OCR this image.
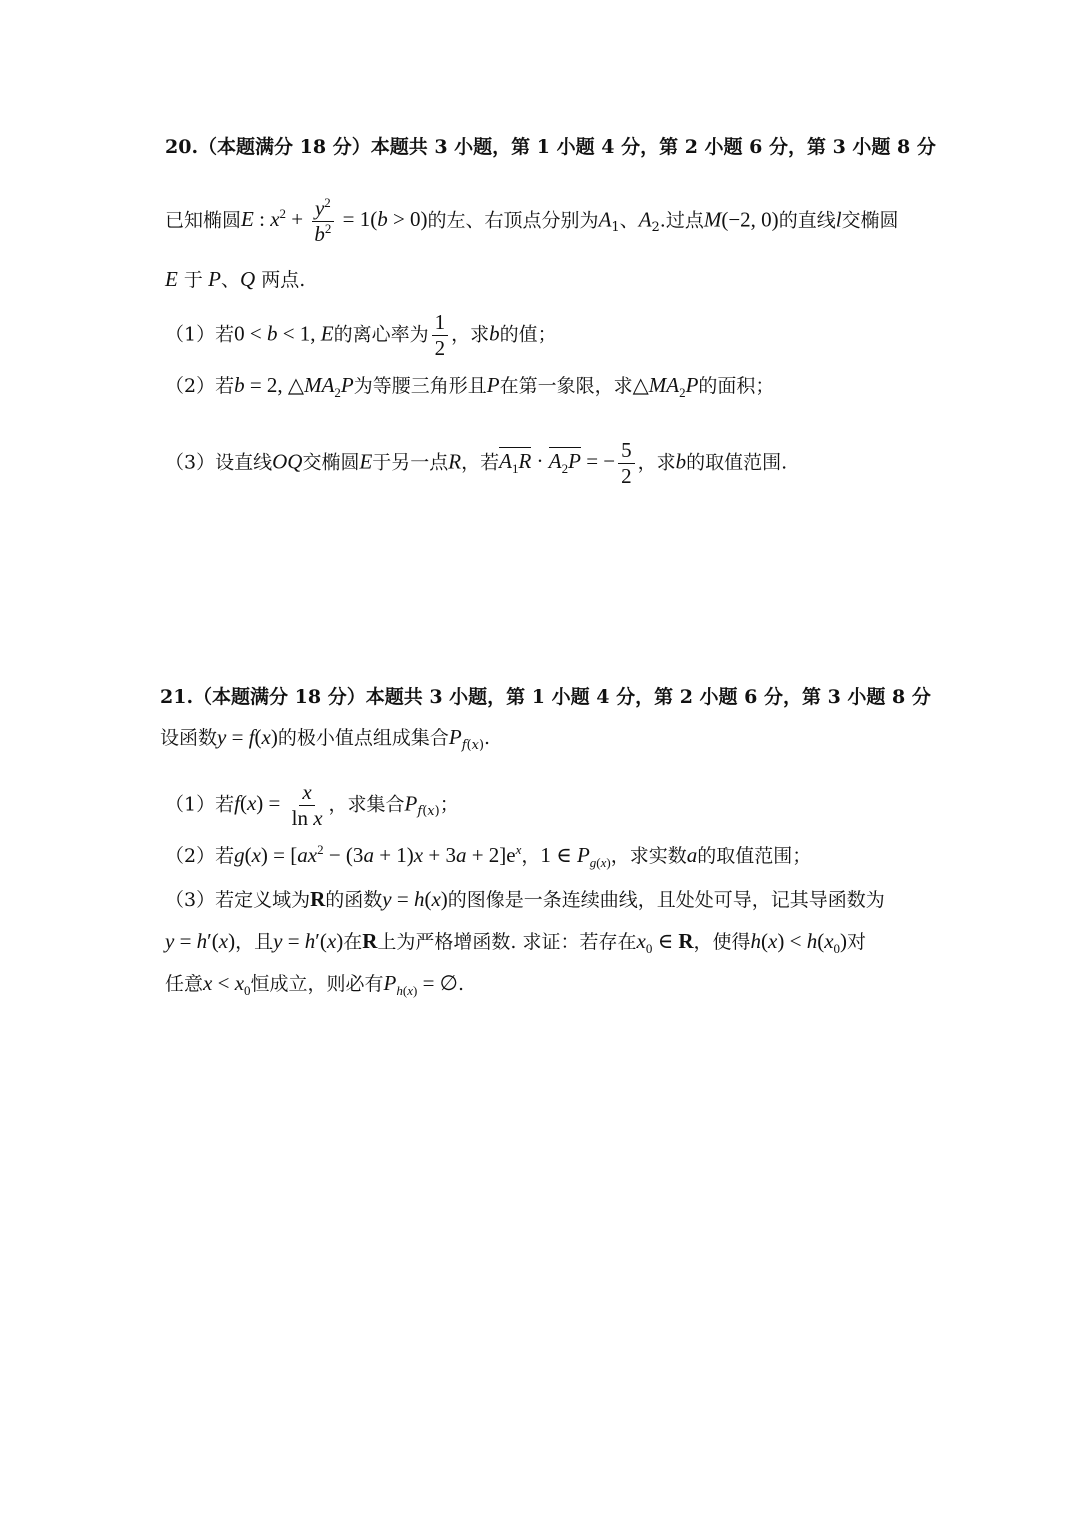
20.（本题满分 18 分）本题共 3 小题，第 1 小题 4 分，第 2 小题 6 分，第 3 小题 8 分
已知椭圆E : $x^2 + \frac{y^2}{b^2} = 1(b > 0)$的左、右顶点分别为$A_1$、$A_2$.过点M(−2, 0)的直线l交椭圆
E 于 P、Q 两点.
（1）若0 < b < 1, E的离心率为 $\frac{1}{2}$ ，求b的值；
（2）若b = 2, $\triangle MA_2P$为等腰三角形且P在第一象限，求$\triangle MA_2P$的面积；
（3）设直线OQ交椭圆E于另一点R，若$A_1R \cdot A_2P$ = − $\frac{5}{2}$ ，求b的取值范围.
21.（本题满分 18 分）本题共 3 小题，第 1 小题 4 分，第 2 小题 6 分，第 3 小题 8 分
设函数y = f(x)的极小值点组成集合$P_{f(x)}$.
（1）若$f(x) = \frac{x}{\text{ln x}}$ ，求集合$P_{f(x)}$；
（2）若$g(x) = [ax^2 - (3a + 1)x + 3a + 2]e^x$，1 ∈ $P_{g(x)}$，求实数a的取值范围；
（3）若定义域为R的函数y = h(x)的图像是一条连续曲线，且处处可导，记其导函数为
y = h′(x)，且y = h′(x)在R上为严格增函数. 求证：若存在$x_0$ ∈ R，使得$h(x) < h(x_0)$对
任意$x < x_0$恒成立，则必有$P_{h(x)}$ = ∅.
